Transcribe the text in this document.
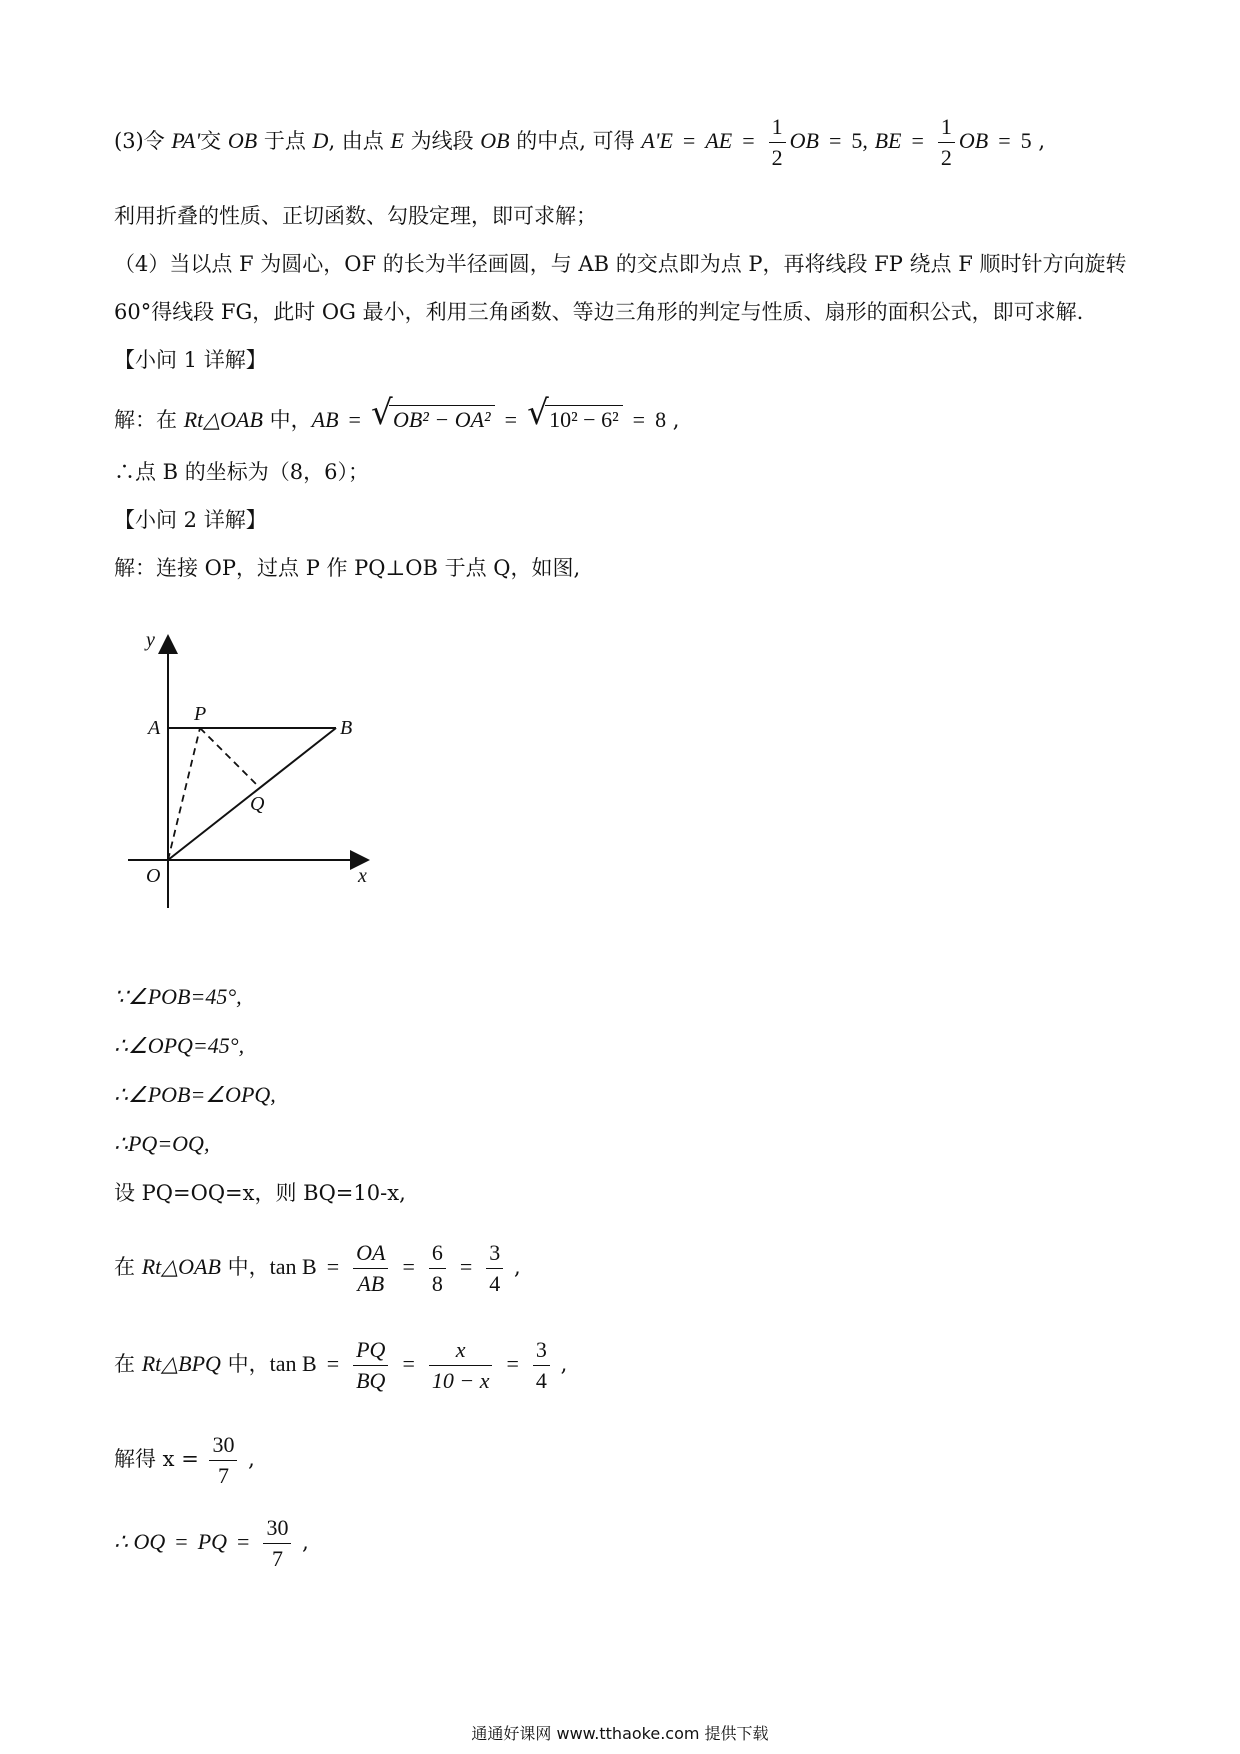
(3)令 PA'交 OB 于点 D, 由点 E 为线段 OB 的中点, 可得 A'E = AE = $\frac{1}{2}$ OB = 5, BE = $\frac{1}{2}$ OB = 5 ,
利用折叠的性质、正切函数、勾股定理，即可求解；
（4）当以点 F 为圆心，OF 的长为半径画圆，与 AB 的交点即为点 P，再将线段 FP 绕点 F 顺时针方向旋转
60°得线段 FG，此时 OG 最小，利用三角函数、等边三角形的判定与性质、扇形的面积公式，即可求解.
【小问 1 详解】
解：在 Rt△OAB 中，AB = √ OB² − OA² = √ 10² − 6² = 8 ,
∴点 B 的坐标为（8，6）；
【小问 2 详解】
解：连接 OP，过点 P 作 PQ⊥OB 于点 Q，如图,
y
A
P
B
Q
O	x
∵∠POB=45°,
∴∠OPQ=45°,
∴∠POB=∠OPQ,
∴PQ=OQ,
设 PQ=OQ=x，则 BQ=10-x,
在 Rt△OAB 中，$\tan B = \frac{OA}{AB} = \frac{6}{8} = \frac{3}{4}$ ,
在 Rt△BPQ 中，$\tan B = \frac{PQ}{BQ} = \frac{x}{10 - x} = \frac{3}{4}$ ,
解得 $x = \frac{30}{7}$ ,
∴ OQ = PQ = $\frac{30}{7}$ ,
通通好课网 www.tthaoke.com 提供下载
